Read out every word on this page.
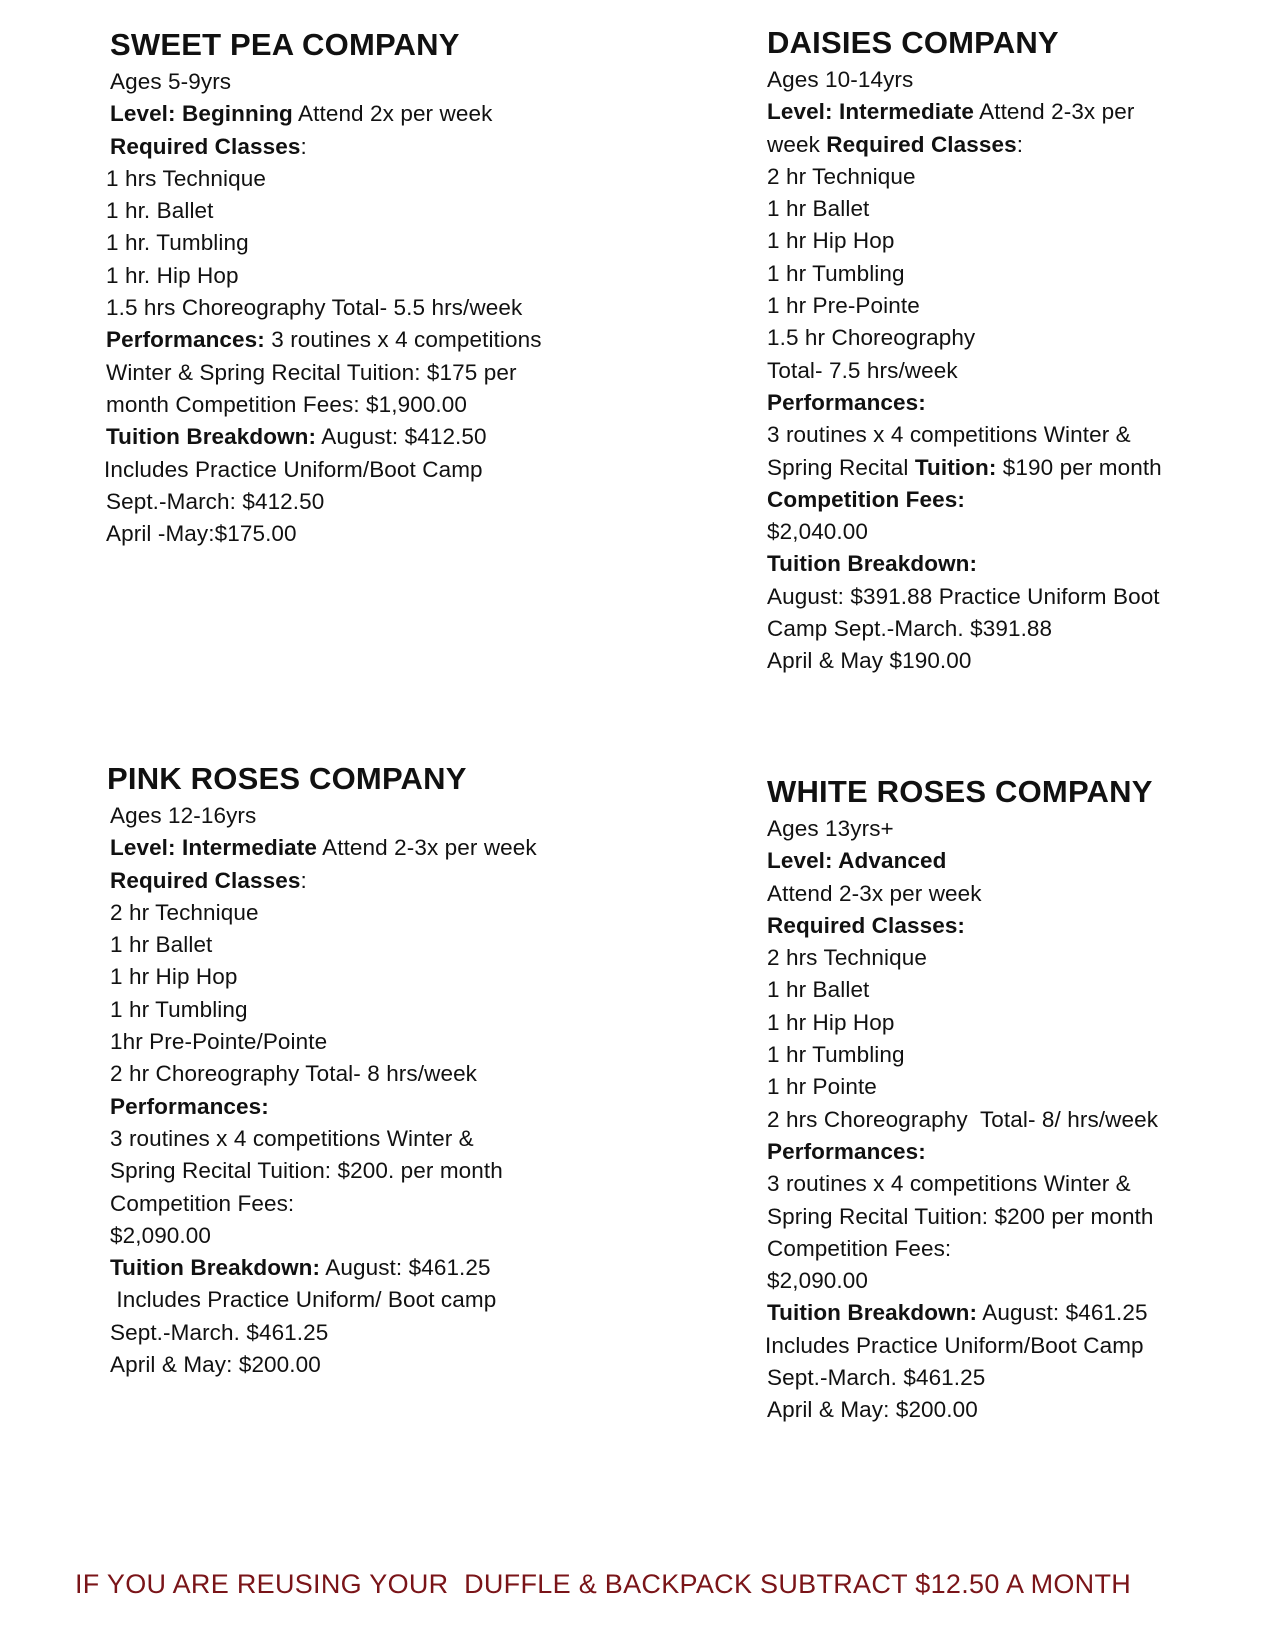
SWEET PEA COMPANY
Ages 5-9yrs
Level: Beginning Attend 2x per week
Required Classes:
1 hrs Technique
1 hr. Ballet
1 hr. Tumbling
1 hr. Hip Hop
1.5 hrs Choreography Total- 5.5 hrs/week
Performances: 3 routines x 4 competitions
Winter & Spring Recital Tuition: $175 per
month Competition Fees: $1,900.00
Tuition Breakdown: August: $412.50
Includes Practice Uniform/Boot Camp
Sept.-March: $412.50
April -May:$175.00
DAISIES COMPANY
Ages 10-14yrs
Level: Intermediate Attend 2-3x per
week Required Classes:
2 hr Technique
1 hr Ballet
1 hr Hip Hop
1 hr Tumbling
1 hr Pre-Pointe
1.5 hr Choreography
Total- 7.5 hrs/week
Performances:
3 routines x 4 competitions Winter &
Spring Recital Tuition: $190 per month
Competition Fees:
$2,040.00
Tuition Breakdown:
August: $391.88 Practice Uniform Boot
Camp Sept.-March. $391.88
April & May $190.00
PINK ROSES COMPANY
Ages 12-16yrs
Level: Intermediate Attend 2-3x per week
Required Classes:
2 hr Technique
1 hr Ballet
1 hr Hip Hop
1 hr Tumbling
1hr Pre-Pointe/Pointe
2 hr Choreography Total- 8 hrs/week
Performances:
3 routines x 4 competitions Winter &
Spring Recital Tuition: $200. per month
Competition Fees:
$2,090.00
Tuition Breakdown: August: $461.25
Includes Practice Uniform/ Boot camp
Sept.-March. $461.25
April & May: $200.00
WHITE ROSES COMPANY
Ages 13yrs+
Level: Advanced
Attend 2-3x per week
Required Classes:
2 hrs Technique
1 hr Ballet
1 hr Hip Hop
1 hr Tumbling
1 hr Pointe
2 hrs Choreography  Total- 8/ hrs/week
Performances:
3 routines x 4 competitions Winter &
Spring Recital Tuition: $200 per month
Competition Fees:
$2,090.00
Tuition Breakdown: August: $461.25
Includes Practice Uniform/Boot Camp
Sept.-March. $461.25
April & May: $200.00
IF YOU ARE REUSING YOUR  DUFFLE & BACKPACK SUBTRACT $12.50 A MONTH
